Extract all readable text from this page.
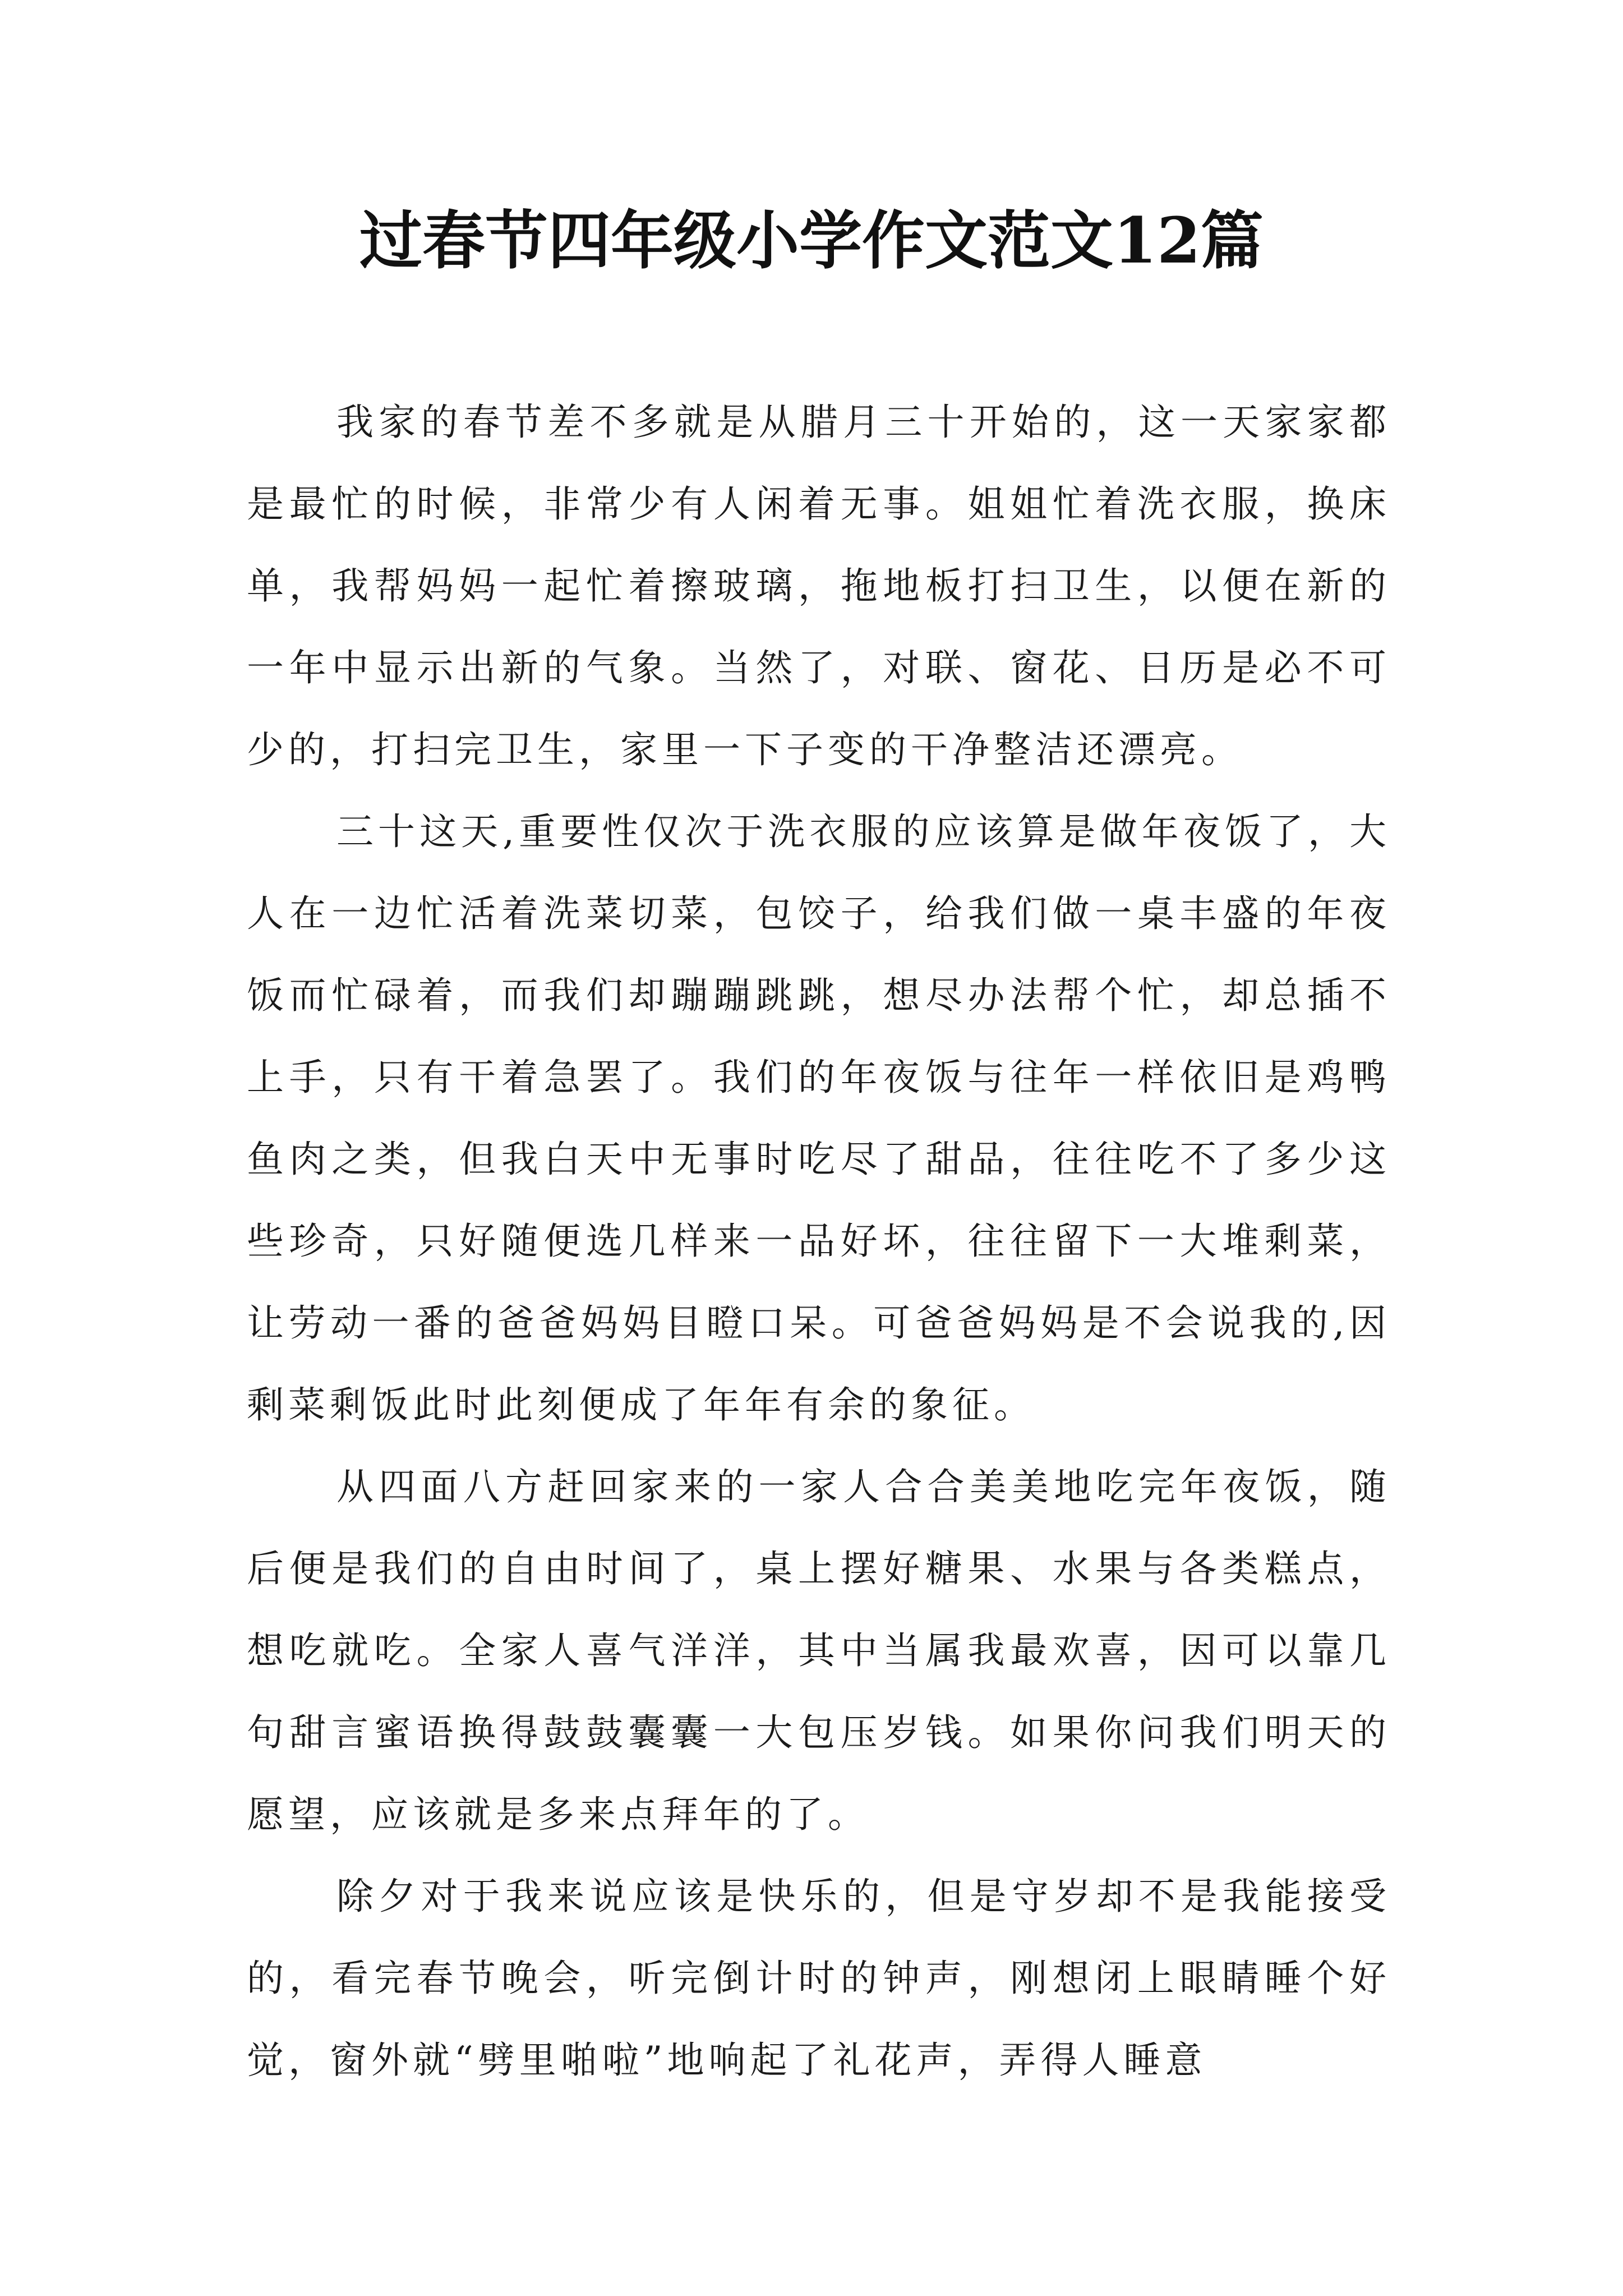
过春节四年级小学作文范文12篇

我家的春节差不多就是从腊月三十开始的，这一天家家都是最忙的时候，非常少有人闲着无事。姐姐忙着洗衣服，换床单，我帮妈妈一起忙着擦玻璃，拖地板打扫卫生，以便在新的一年中显示出新的气象。当然了，对联、窗花、日历是必不可少的，打扫完卫生，家里一下子变的干净整洁还漂亮。

三十这天,重要性仅次于洗衣服的应该算是做年夜饭了，大人在一边忙活着洗菜切菜，包饺子，给我们做一桌丰盛的年夜饭而忙碌着，而我们却蹦蹦跳跳，想尽办法帮个忙，却总插不上手，只有干着急罢了。我们的年夜饭与往年一样依旧是鸡鸭鱼肉之类，但我白天中无事时吃尽了甜品，往往吃不了多少这些珍奇，只好随便选几样来一品好坏，往往留下一大堆剩菜，让劳动一番的爸爸妈妈目瞪口呆。可爸爸妈妈是不会说我的,因剩菜剩饭此时此刻便成了年年有余的象征。

从四面八方赶回家来的一家人合合美美地吃完年夜饭，随后便是我们的自由时间了，桌上摆好糖果、水果与各类糕点，想吃就吃。全家人喜气洋洋，其中当属我最欢喜，因可以靠几句甜言蜜语换得鼓鼓囊囊一大包压岁钱。如果你问我们明天的愿望，应该就是多来点拜年的了。

除夕对于我来说应该是快乐的，但是守岁却不是我能接受的，看完春节晚会，听完倒计时的钟声，刚想闭上眼睛睡个好觉，窗外就“劈里啪啦”地响起了礼花声，弄得人睡意
